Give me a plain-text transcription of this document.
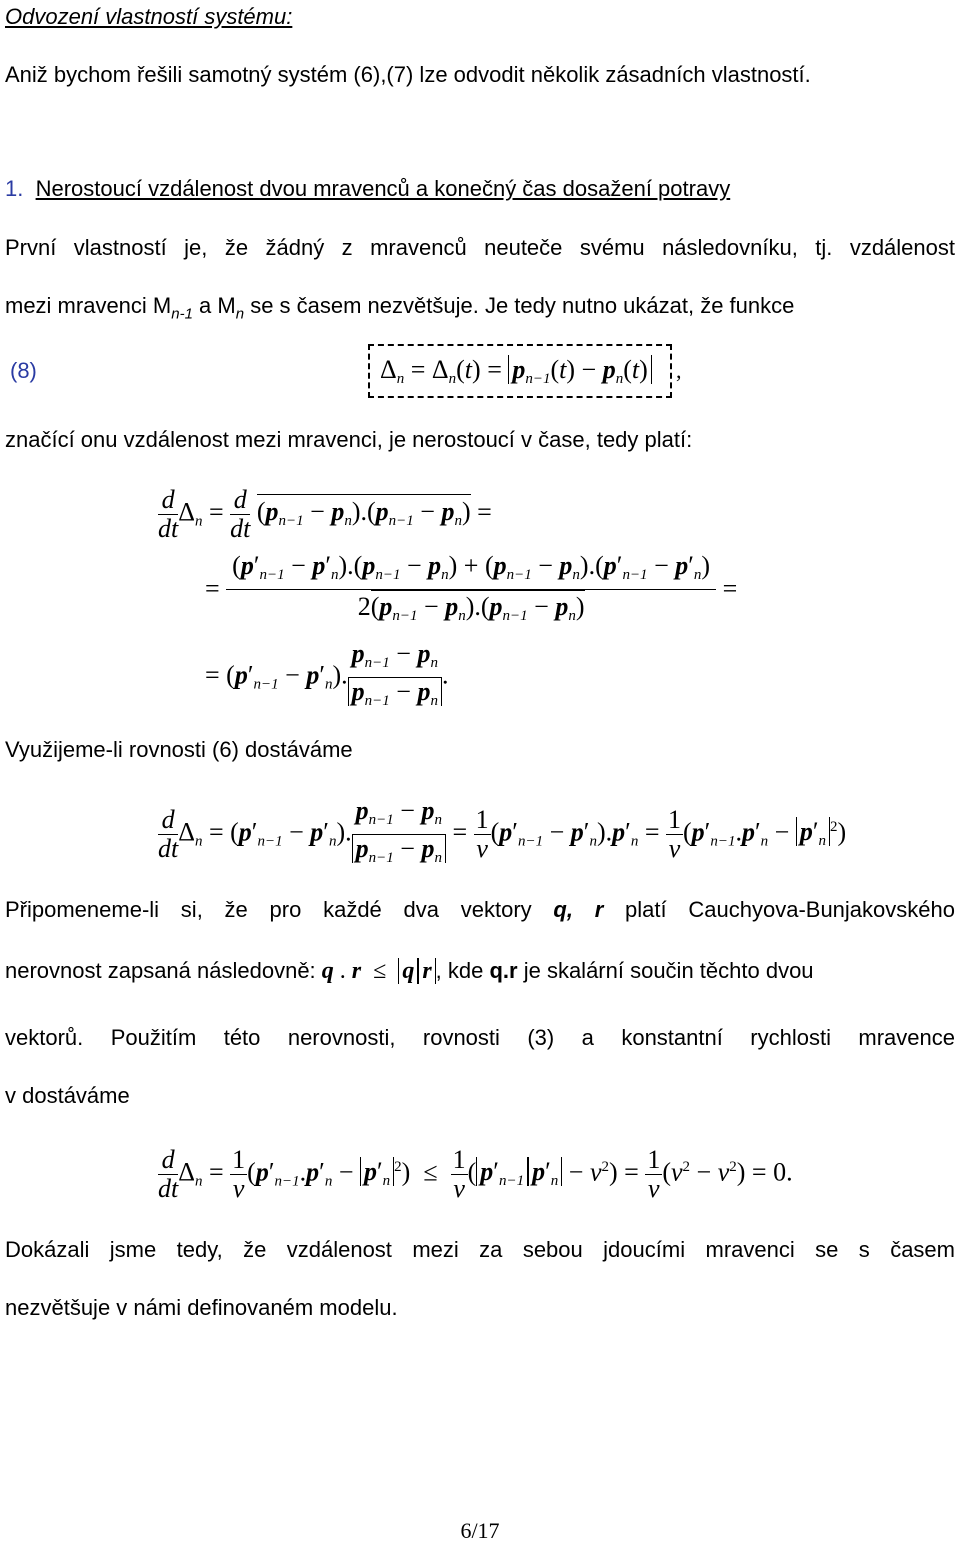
Odvození vlastností systému:
Aniž bychom řešili samotný systém (6),(7) lze odvodit několik zásadních vlastností.
1. Nerostoucí vzdálenost dvou mravenců a konečný čas dosažení potravy
První vlastností je, že žádný z mravenců neuteče svému následovníku, tj. vzdálenost
mezi mravenci $M_{n-1}$ a $M_n$ se s časem nezvětšuje. Je tedy nutno ukázat, že funkce
(8)	$\Delta_n = \Delta_n(t) = p_{n-1}(t) - p_n(t)$ ,
značící onu vzdálenost mezi mravenci, je nerostoucí v čase, tedy platí:
$\frac{d}{dt} \Delta_n = \frac{d}{dt} (p_{n-1} - p_n).(p_{n-1} - p_n)$ =
= $\frac{(p'_{n-1} - p'_n).(p_{n-1} - p_n) + (p_{n-1} - p_n).(p'_{n-1} - p'_n)}{2(p_{n-1} - p_n).(p_{n-1} - p_n)}$ =
= $(p'_{n-1} - p'_n)$. $\frac{p_{n-1} - p_n}{p_{n-1} - p_n}$ .
Využijeme-li rovnosti (6) dostáváme
$\frac{d}{dt} \Delta_n = (p'_{n-1} - p'_n)$. $\frac{p_{n-1} - p_n}{p_{n-1} - p_n} = \frac{1}{v} (p'_{n-1} - p'_n).p'_n = \frac{1}{v} (p'_{n-1}.p'_n - p'_n^2)$
Připomeneme-li si, že pro každé dva vektory q, r platí Cauchyova-Bunjakovského
nerovnost zapsaná následovně: q . r  ≤  q r , kde q.r je skalární součin těchto dvou
vektorů. Použitím této nerovnosti, rovnosti (3) a konstantní rychlosti mravence
v dostáváme
$\frac{d}{dt} \Delta_n = \frac{1}{v} (p'_{n-1}.p'_n - p'_n^2) \le \frac{1}{v}$ ( $p'_{n-1}$ $p'_n - v^2) = \frac{1}{v} (v^2 - v^2) = 0$.
Dokázali jsme tedy, že vzdálenost mezi za sebou jdoucími mravenci se s časem
nezvětšuje v námi definovaném modelu.
6/17
